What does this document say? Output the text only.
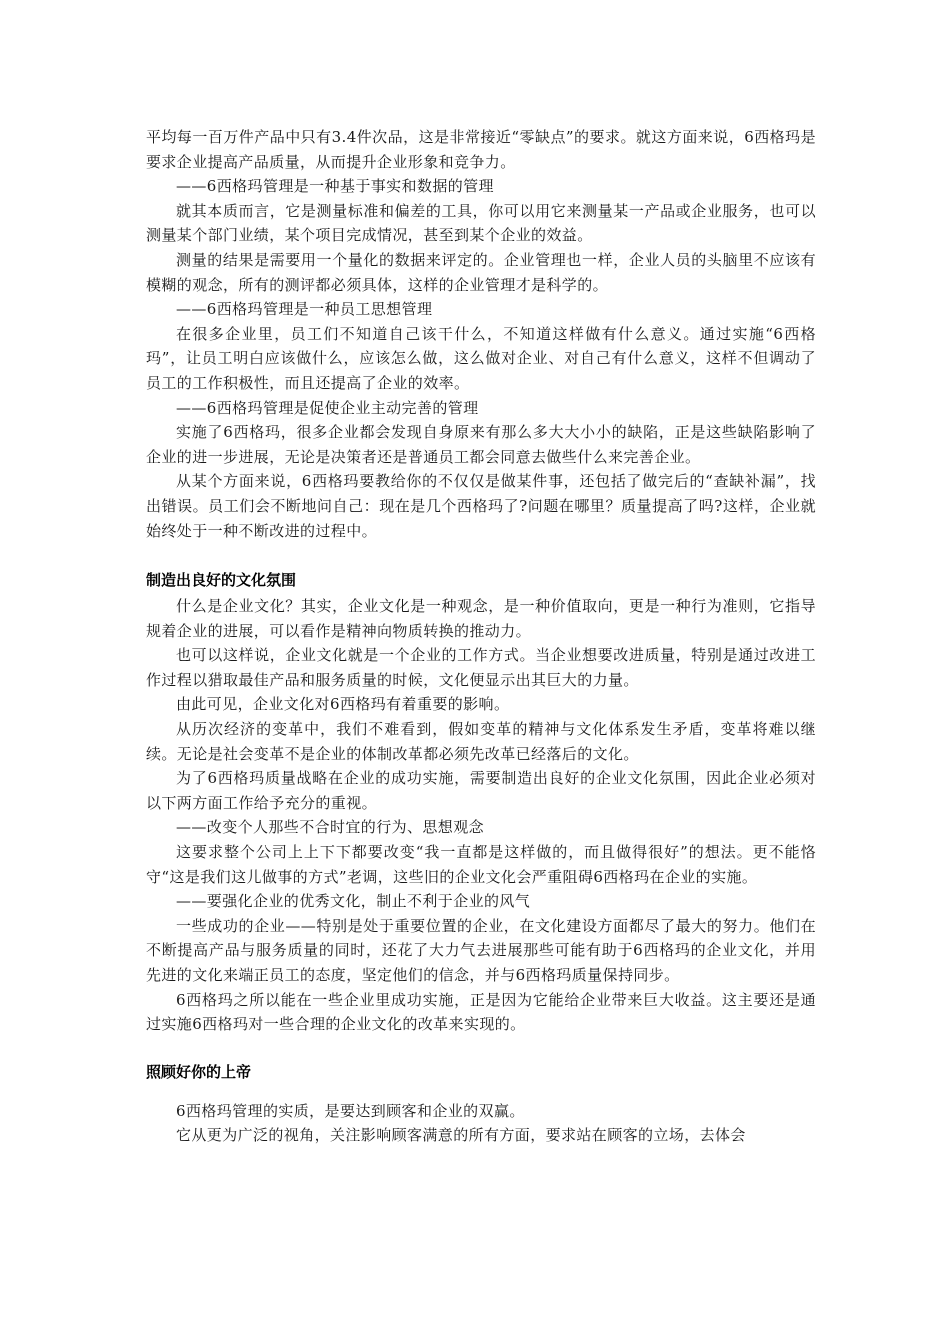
平均每一百万件产品中只有3.4件次品，这是非常接近“零缺点”的要求。就这方面来说，6西格玛是要求企业提高产品质量，从而提升企业形象和竞争力。

——6西格玛管理是一种基于事实和数据的管理

就其本质而言，它是测量标准和偏差的工具，你可以用它来测量某一产品或企业服务，也可以测量某个部门业绩，某个项目完成情况，甚至到某个企业的效益。

测量的结果是需要用一个量化的数据来评定的。企业管理也一样，企业人员的头脑里不应该有模糊的观念，所有的测评都必须具体，这样的企业管理才是科学的。

——6西格玛管理是一种员工思想管理

在很多企业里，员工们不知道自己该干什么，不知道这样做有什么意义。通过实施“6西格玛”，让员工明白应该做什么，应该怎么做，这么做对企业、对自己有什么意义，这样不但调动了员工的工作积极性，而且还提高了企业的效率。

——6西格玛管理是促使企业主动完善的管理

实施了6西格玛，很多企业都会发现自身原来有那么多大大小小的缺陷，正是这些缺陷影响了企业的进一步进展，无论是决策者还是普通员工都会同意去做些什么来完善企业。

从某个方面来说，6西格玛要教给你的不仅仅是做某件事，还包括了做完后的“查缺补漏”，找出错误。员工们会不断地问自己：现在是几个西格玛了?问题在哪里？质量提高了吗?这样，企业就始终处于一种不断改进的过程中。

制造出良好的文化氛围

什么是企业文化？其实，企业文化是一种观念，是一种价值取向，更是一种行为准则，它指导规着企业的进展，可以看作是精神向物质转换的推动力。

也可以这样说，企业文化就是一个企业的工作方式。当企业想要改进质量，特别是通过改进工作过程以猎取最佳产品和服务质量的时候，文化便显示出其巨大的力量。

由此可见，企业文化对6西格玛有着重要的影响。

从历次经济的变革中，我们不难看到，假如变革的精神与文化体系发生矛盾，变革将难以继续。无论是社会变革不是企业的体制改革都必须先改革已经落后的文化。

为了6西格玛质量战略在企业的成功实施，需要制造出良好的企业文化氛围，因此企业必须对以下两方面工作给予充分的重视。

——改变个人那些不合时宜的行为、思想观念

这要求整个公司上上下下都要改变“我一直都是这样做的，而且做得很好”的想法。更不能恪守“这是我们这儿做事的方式”老调，这些旧的企业文化会严重阻碍6西格玛在企业的实施。

——要强化企业的优秀文化，制止不利于企业的风气

一些成功的企业——特别是处于重要位置的企业，在文化建设方面都尽了最大的努力。他们在不断提高产品与服务质量的同时，还花了大力气去进展那些可能有助于6西格玛的企业文化，并用先进的文化来端正员工的态度，坚定他们的信念，并与6西格玛质量保持同步。

6西格玛之所以能在一些企业里成功实施，正是因为它能给企业带来巨大收益。这主要还是通过实施6西格玛对一些合理的企业文化的改革来实现的。

照顾好你的上帝

6西格玛管理的实质，是要达到顾客和企业的双赢。

它从更为广泛的视角，关注影响顾客满意的所有方面，要求站在顾客的立场，去体会
